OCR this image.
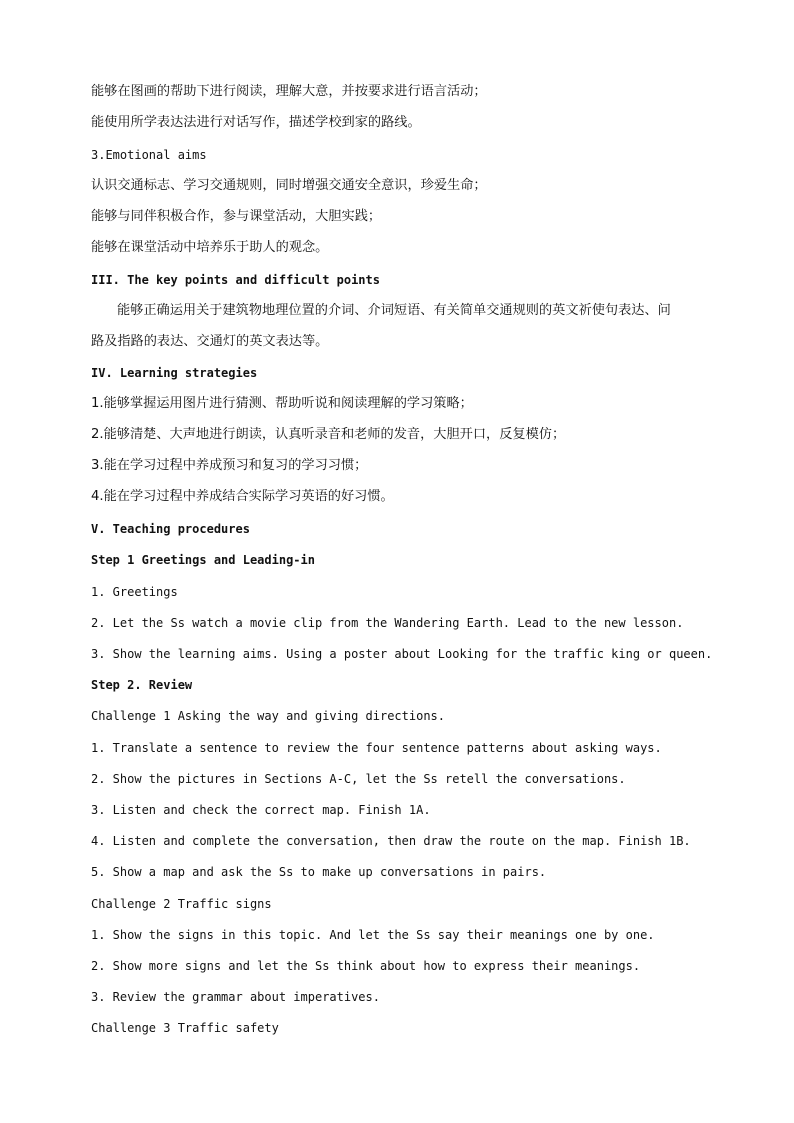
能够在图画的帮助下进行阅读，理解大意，并按要求进行语言活动；
能使用所学表达法进行对话写作，描述学校到家的路线。
3.Emotional aims
认识交通标志、学习交通规则，同时增强交通安全意识，珍爱生命；
能够与同伴积极合作，参与课堂活动，大胆实践；
能够在课堂活动中培养乐于助人的观念。
III. The key points and difficult points
能够正确运用关于建筑物地理位置的介词、介词短语、有关简单交通规则的英文祈使句表达、问
路及指路的表达、交通灯的英文表达等。
IV. Learning strategies
1.能够掌握运用图片进行猜测、帮助听说和阅读理解的学习策略；
2.能够清楚、大声地进行朗读，认真听录音和老师的发音，大胆开口，反复模仿；
3.能在学习过程中养成预习和复习的学习习惯；
4.能在学习过程中养成结合实际学习英语的好习惯。
V. Teaching procedures
Step 1 Greetings and Leading-in
1. Greetings
2. Let the Ss watch a movie clip from the Wandering Earth. Lead to the new lesson.
3. Show the learning aims. Using a poster about Looking for the traffic king or queen.
Step 2. Review
Challenge 1 Asking the way and giving directions.
1. Translate a sentence to review the four sentence patterns about asking ways.
2. Show the pictures in Sections A-C, let the Ss retell the conversations.
3. Listen and check the correct map. Finish 1A.
4. Listen and complete the conversation, then draw the route on the map. Finish 1B.
5. Show a map and ask the Ss to make up conversations in pairs.
Challenge 2 Traffic signs
1. Show the signs in this topic. And let the Ss say their meanings one by one.
2. Show more signs and let the Ss think about how to express their meanings.
3. Review the grammar about imperatives.
Challenge 3 Traffic safety
